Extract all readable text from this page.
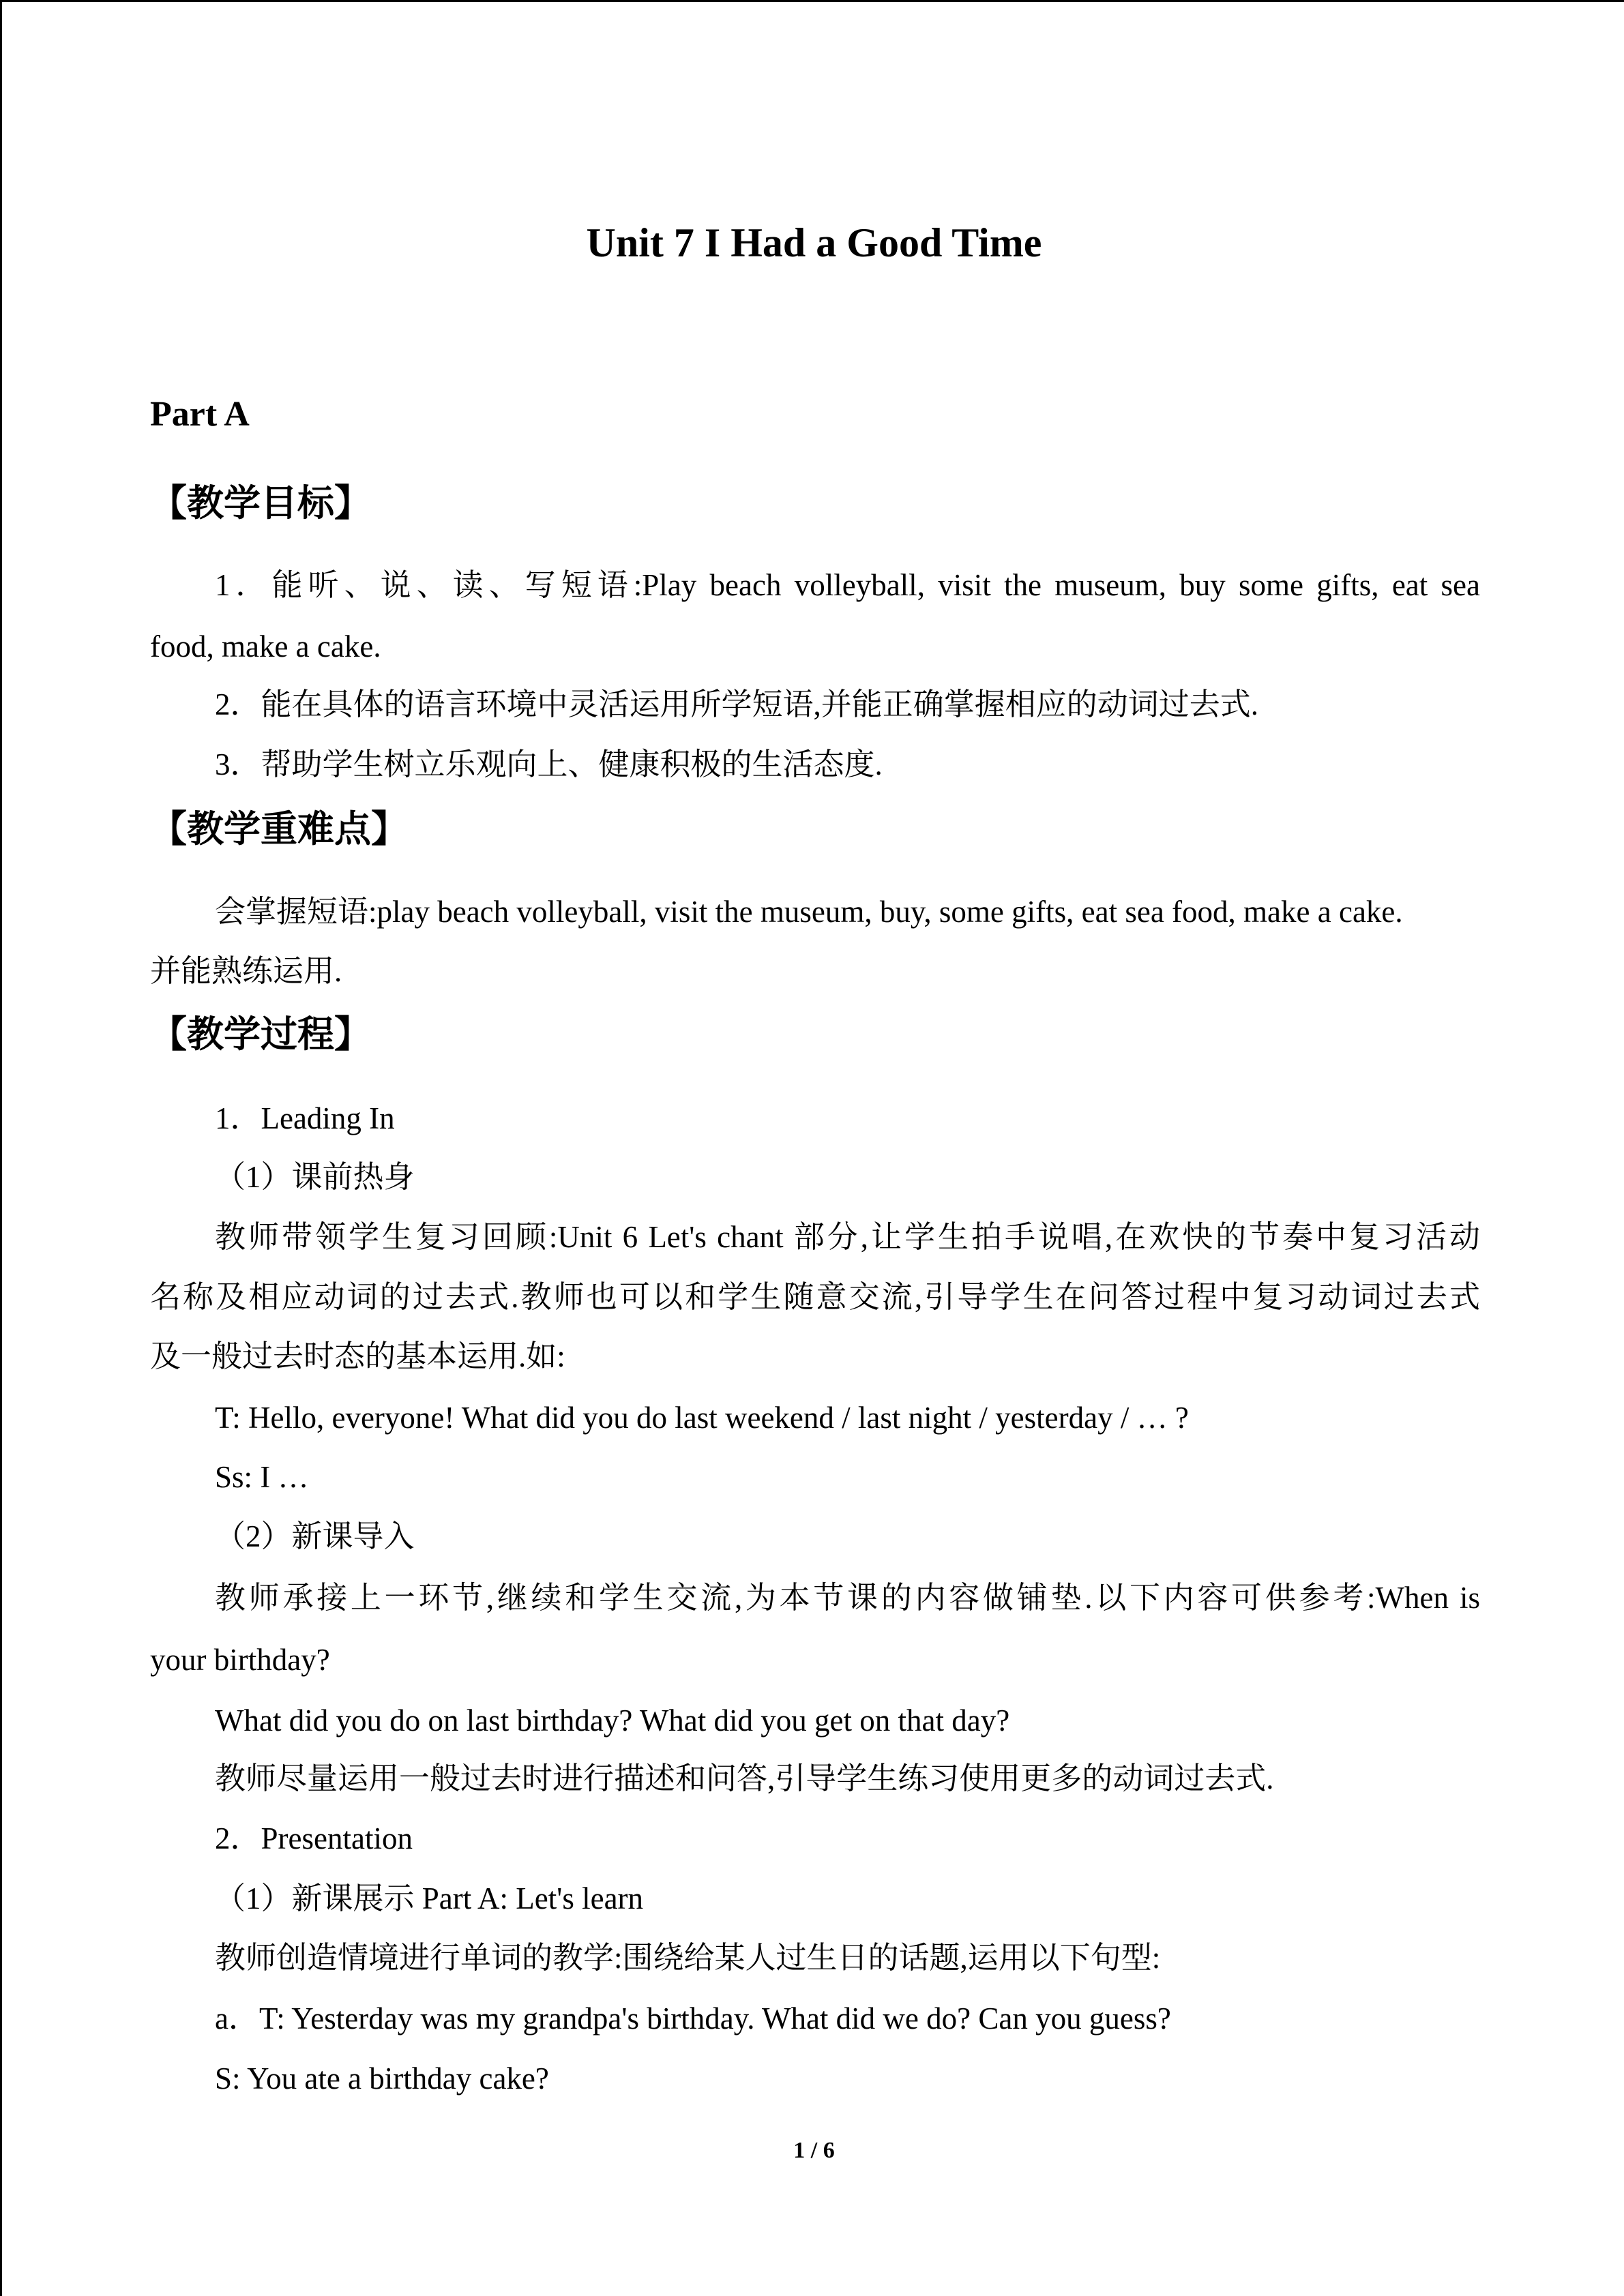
Unit 7 I Had a Good Time
Part A
【教学目标】
1．能听、说、读、写短语:Play beach volleyball, visit the museum, buy some gifts, eat sea
food, make a cake.
2．能在具体的语言环境中灵活运用所学短语,并能正确掌握相应的动词过去式.
3．帮助学生树立乐观向上、健康积极的生活态度.
【教学重难点】
会掌握短语:play beach volleyball, visit the museum, buy, some gifts, eat sea food, make a cake.
并能熟练运用.
【教学过程】
1．Leading In
（1）课前热身
教师带领学生复习回顾:Unit 6 Let's chant 部分,让学生拍手说唱,在欢快的节奏中复习活动
名称及相应动词的过去式.教师也可以和学生随意交流,引导学生在问答过程中复习动词过去式
及一般过去时态的基本运用.如:
T: Hello, everyone! What did you do last weekend / last night / yesterday / … ?
Ss: I …
（2）新课导入
教师承接上一环节,继续和学生交流,为本节课的内容做铺垫.以下内容可供参考:When is
your birthday?
What did you do on last birthday? What did you get on that day?
教师尽量运用一般过去时进行描述和问答,引导学生练习使用更多的动词过去式.
2．Presentation
（1）新课展示 Part A: Let's learn
教师创造情境进行单词的教学:围绕给某人过生日的话题,运用以下句型:
a．T: Yesterday was my grandpa's birthday. What did we do? Can you guess?
S: You ate a birthday cake?
1 / 6
